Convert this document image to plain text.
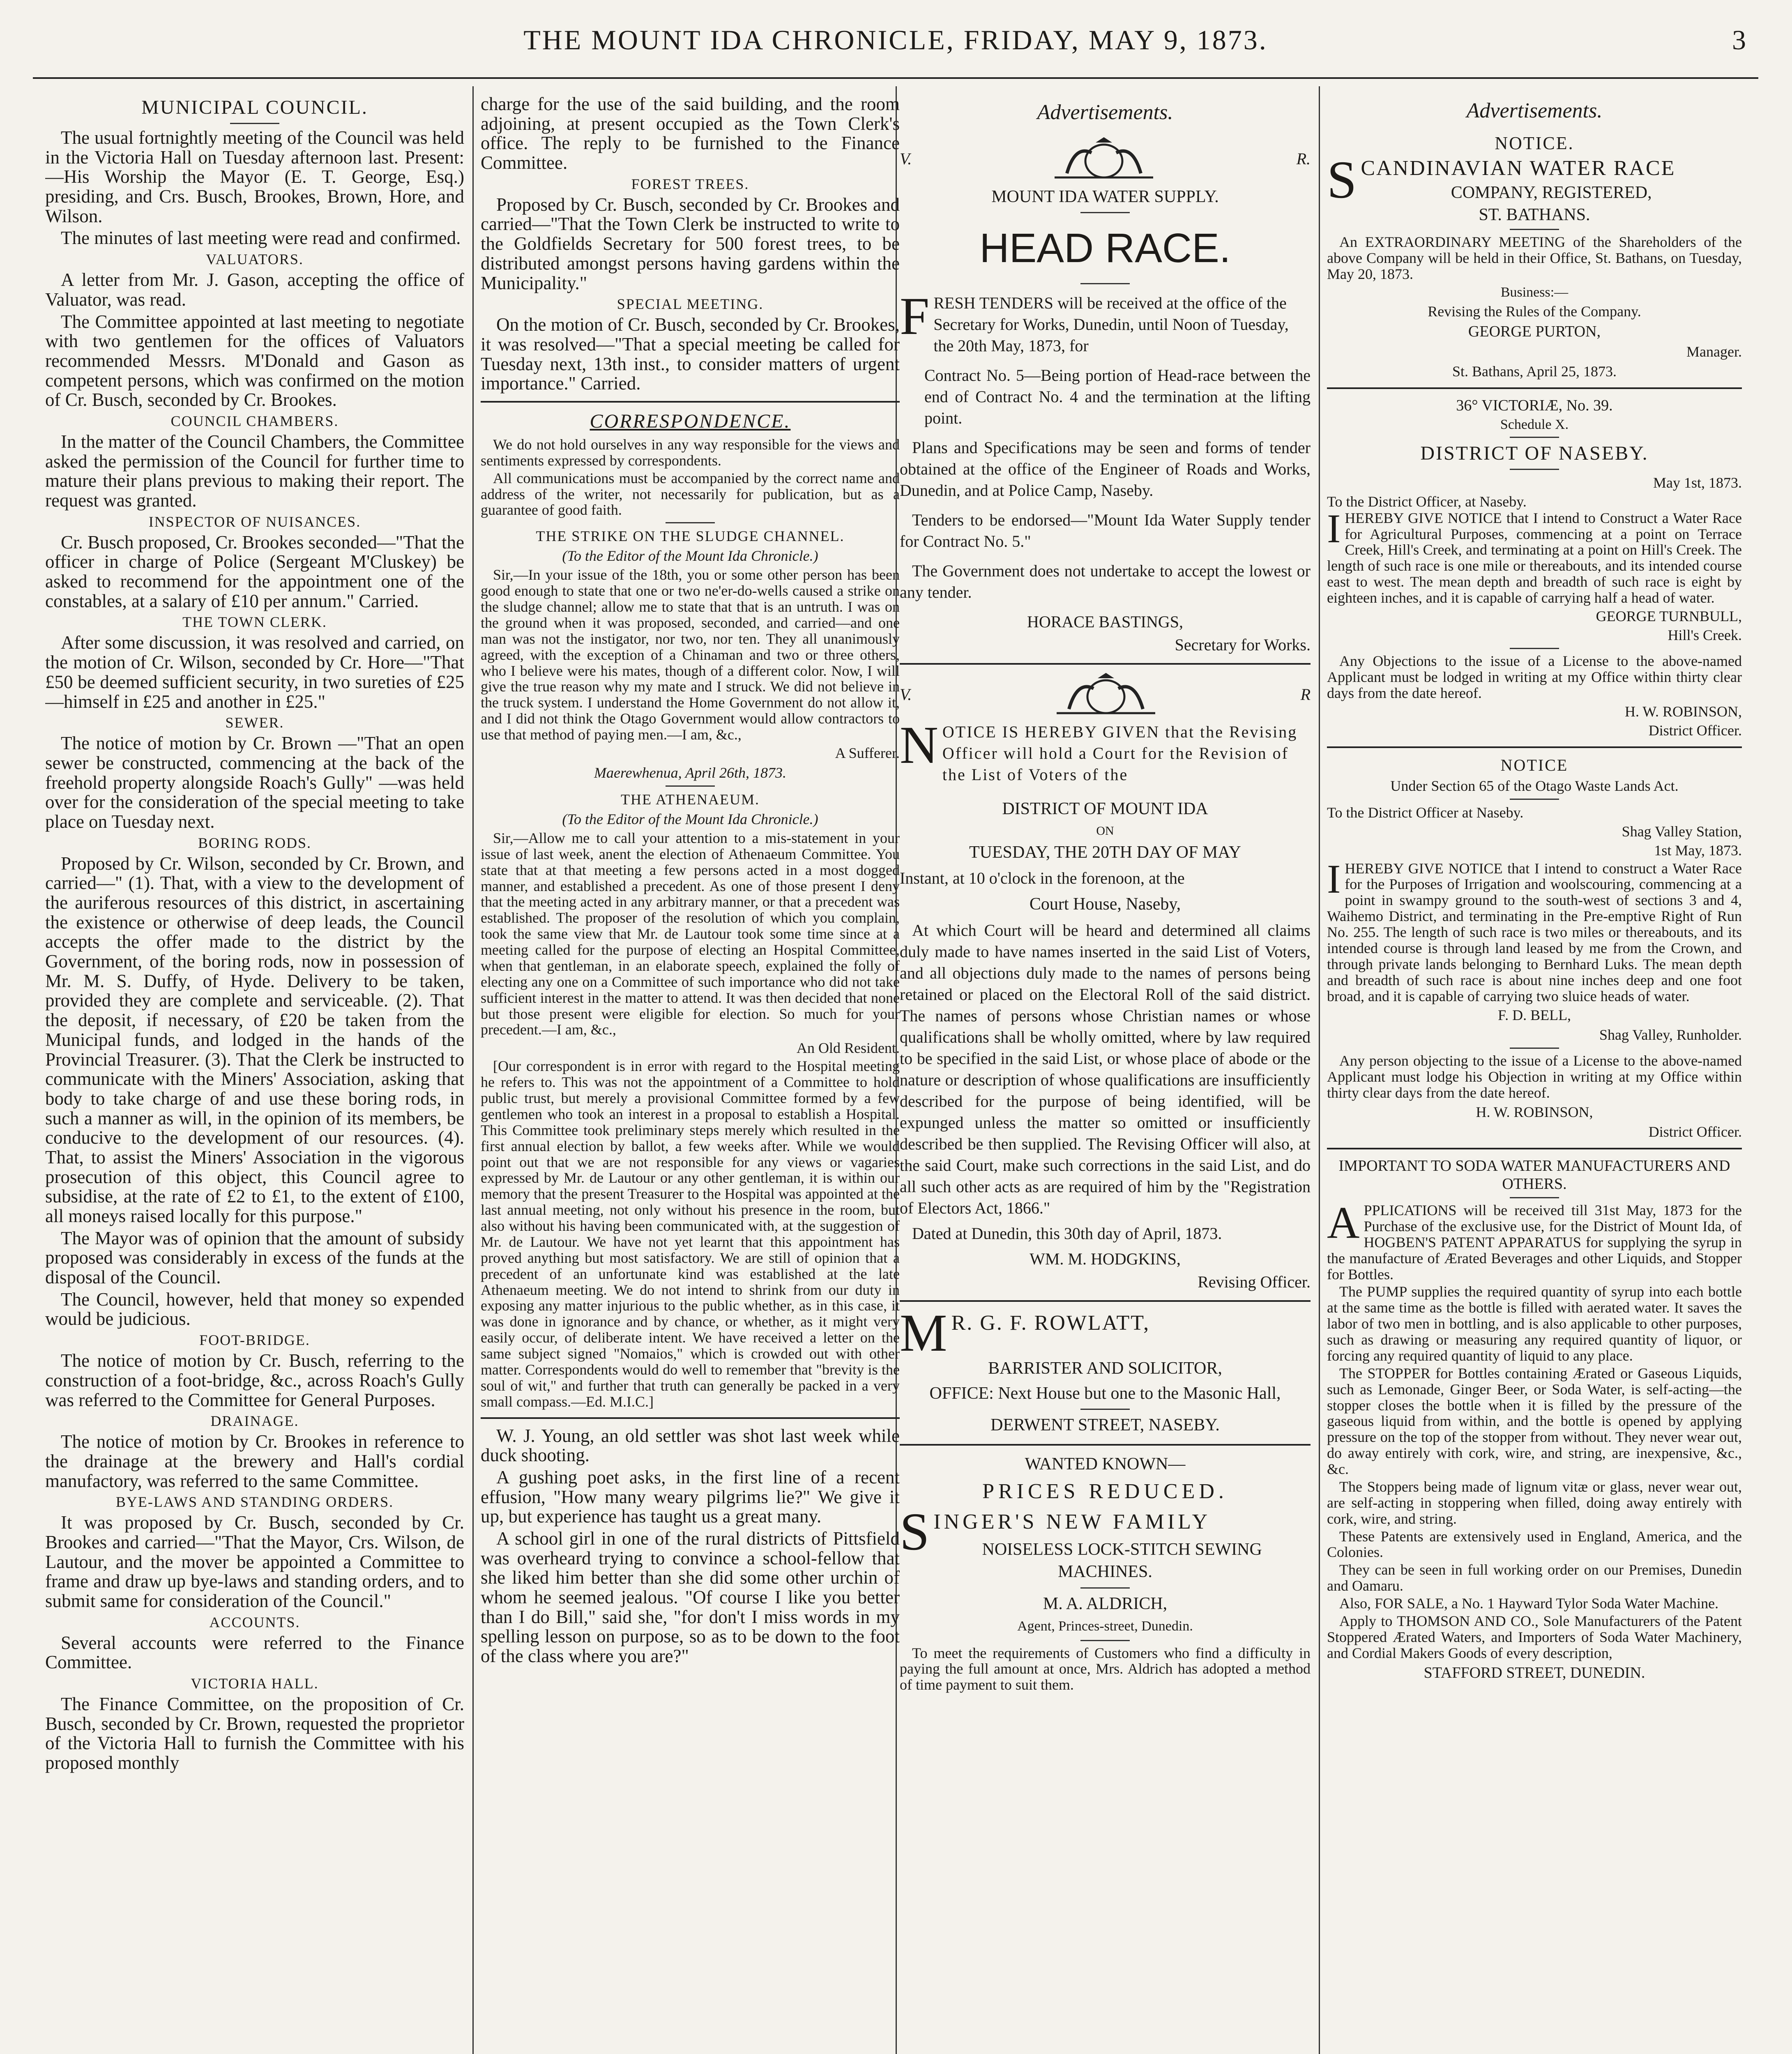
THE MOUNT IDA CHRONICLE, FRIDAY, MAY 9, 1873.	3
MUNICIPAL COUNCIL.

The usual fortnightly meeting of the Council was held in the Victoria Hall on Tuesday afternoon last. Present:—His Worship the Mayor (E. T. George, Esq.) presiding, and Crs. Busch, Brookes, Brown, Hore, and Wilson.

The minutes of last meeting were read and confirmed.

VALUATORS.

A letter from Mr. J. Gason, accepting the office of Valuator, was read.

The Committee appointed at last meeting to negotiate with two gentlemen for the offices of Valuators recommended Messrs. M'Donald and Gason as competent persons, which was confirmed on the motion of Cr. Busch, seconded by Cr. Brookes.

COUNCIL CHAMBERS.

In the matter of the Council Chambers, the Committee asked the permission of the Council for further time to mature their plans previous to making their report. The request was granted.

INSPECTOR OF NUISANCES.

Cr. Busch proposed, Cr. Brookes seconded—"That the officer in charge of Police (Sergeant M'Cluskey) be asked to recommend for the appointment one of the constables, at a salary of £10 per annum." Carried.

THE TOWN CLERK.

After some discussion, it was resolved and carried, on the motion of Cr. Wilson, seconded by Cr. Hore—"That £50 be deemed sufficient security, in two sureties of £25—himself in £25 and another in £25."

SEWER.

The notice of motion by Cr. Brown —"That an open sewer be constructed, commencing at the back of the freehold property alongside Roach's Gully" —was held over for the consideration of the special meeting to take place on Tuesday next.

BORING RODS.

Proposed by Cr. Wilson, seconded by Cr. Brown, and carried—" (1). That, with a view to the development of the auriferous resources of this district, in ascertaining the existence or otherwise of deep leads, the Council accepts the offer made to the district by the Government, of the boring rods, now in possession of Mr. M. S. Duffy, of Hyde. Delivery to be taken, provided they are complete and serviceable. (2). That the deposit, if necessary, of £20 be taken from the Municipal funds, and lodged in the hands of the Provincial Treasurer. (3). That the Clerk be instructed to communicate with the Miners' Association, asking that body to take charge of and use these boring rods, in such a manner as will, in the opinion of its members, be conducive to the development of our resources. (4). That, to assist the Miners' Association in the vigorous prosecution of this object, this Council agree to subsidise, at the rate of £2 to £1, to the extent of £100, all moneys raised locally for this purpose."

The Mayor was of opinion that the amount of subsidy proposed was considerably in excess of the funds at the disposal of the Council.

The Council, however, held that money so expended would be judicious.

FOOT-BRIDGE.

The notice of motion by Cr. Busch, referring to the construction of a foot-bridge, &c., across Roach's Gully was referred to the Committee for General Purposes.

DRAINAGE.

The notice of motion by Cr. Brookes in reference to the drainage at the brewery and Hall's cordial manufactory, was referred to the same Committee.

BYE-LAWS AND STANDING ORDERS.

It was proposed by Cr. Busch, seconded by Cr. Brookes and carried—"That the Mayor, Crs. Wilson, de Lautour, and the mover be appointed a Committee to frame and draw up bye-laws and standing orders, and to submit same for consideration of the Council."

ACCOUNTS.

Several accounts were referred to the Finance Committee.

VICTORIA HALL.

The Finance Committee, on the proposition of Cr. Busch, seconded by Cr. Brown, requested the proprietor of the Victoria Hall to furnish the Committee with his proposed monthly

charge for the use of the said building, and the room adjoining, at present occupied as the Town Clerk's office. The reply to be furnished to the Finance Committee.

FOREST TREES.

Proposed by Cr. Busch, seconded by Cr. Brookes and carried—"That the Town Clerk be instructed to write to the Goldfields Secretary for 500 forest trees, to be distributed amongst persons having gardens within the Municipality."

SPECIAL MEETING.

On the motion of Cr. Busch, seconded by Cr. Brookes, it was resolved—"That a special meeting be called for Tuesday next, 13th inst., to consider matters of urgent importance." Carried.

CORRESPONDENCE.

We do not hold ourselves in any way responsible for the views and sentiments expressed by correspondents.

All communications must be accompanied by the correct name and address of the writer, not necessarily for publication, but as a guarantee of good faith.

THE STRIKE ON THE SLUDGE CHANNEL.
(To the Editor of the Mount Ida Chronicle.)

Sir,—In your issue of the 18th, you or some other person has been good enough to state that one or two ne'er-do-wells caused a strike on the sludge channel; allow me to state that that is an untruth. I was on the ground when it was proposed, seconded, and carried—and one man was not the instigator, nor two, nor ten. They all unanimously agreed, with the exception of a Chinaman and two or three others, who I believe were his mates, though of a different color. Now, I will give the true reason why my mate and I struck. We did not believe in the truck system. I understand the Home Government do not allow it, and I did not think the Otago Government would allow contractors to use that method of paying men.—I am, &c.,

A Sufferer.
Maerewhenua, April 26th, 1873.
THE ATHENAEUM.
(To the Editor of the Mount Ida Chronicle.)

Sir,—Allow me to call your attention to a mis-statement in your issue of last week, anent the election of Athenaeum Committee. You state that at that meeting a few persons acted in a most dogged manner, and established a precedent. As one of those present I deny that the meeting acted in any arbitrary manner, or that a precedent was established. The proposer of the resolution of which you complain, took the same view that Mr. de Lautour took some time since at a meeting called for the purpose of electing an Hospital Committee, when that gentleman, in an elaborate speech, explained the folly of electing any one on a Committee of such importance who did not take sufficient interest in the matter to attend. It was then decided that none but those present were eligible for election. So much for your precedent.—I am, &c.,

An Old Resident.

[Our correspondent is in error with regard to the Hospital meeting he refers to. This was not the appointment of a Committee to hold public trust, but merely a provisional Committee formed by a few gentlemen who took an interest in a proposal to establish a Hospital. This Committee took preliminary steps merely which resulted in the first annual election by ballot, a few weeks after. While we would point out that we are not responsible for any views or vagaries expressed by Mr. de Lautour or any other gentleman, it is within our memory that the present Treasurer to the Hospital was appointed at the last annual meeting, not only without his presence in the room, but also without his having been communicated with, at the suggestion of Mr. de Lautour. We have not yet learnt that this appointment has proved anything but most satisfactory. We are still of opinion that a precedent of an unfortunate kind was established at the late Athenaeum meeting. We do not intend to shrink from our duty in exposing any matter injurious to the public whether, as in this case, it was done in ignorance and by chance, or whether, as it might very easily occur, of deliberate intent. We have received a letter on the same subject signed "Nomaios," which is crowded out with other matter. Correspondents would do well to remember that "brevity is the soul of wit," and further that truth can generally be packed in a very small compass.—Ed. M.I.C.]

W. J. Young, an old settler was shot last week while duck shooting.

A gushing poet asks, in the first line of a recent effusion, "How many weary pilgrims lie?" We give it up, but experience has taught us a great many.

A school girl in one of the rural districts of Pittsfield was overheard trying to convince a school-fellow that she liked him better than she did some other urchin of whom he seemed jealous. "Of course I like you better than I do Bill," said she, "for don't I miss words in my spelling lesson on purpose, so as to be down to the foot of the class where you are?"

Advertisements.
V.	R.
MOUNT IDA WATER SUPPLY.
HEAD RACE.
F RESH TENDERS will be received at the office of the Secretary for Works, Dunedin, until Noon of Tuesday, the 20th May, 1873, for

Contract No. 5—Being portion of Head-race between the end of Contract No. 4 and the termination at the lifting point.

Plans and Specifications may be seen and forms of tender obtained at the office of the Engineer of Roads and Works, Dunedin, and at Police Camp, Naseby.

Tenders to be endorsed—"Mount Ida Water Supply tender for Contract No. 5."

The Government does not undertake to accept the lowest or any tender.

HORACE BASTINGS,
Secretary for Works.
V.	R
N OTICE IS HEREBY GIVEN that the Revising Officer will hold a Court for the Revision of the List of Voters of the
DISTRICT OF MOUNT IDA
ON
TUESDAY, THE 20TH DAY OF MAY

Instant, at 10 o'clock in the forenoon, at the

Court House, Naseby,

At which Court will be heard and determined all claims duly made to have names inserted in the said List of Voters, and all objections duly made to the names of persons being retained or placed on the Electoral Roll of the said district. The names of persons whose Christian names or whose qualifications shall be wholly omitted, where by law required to be specified in the said List, or whose place of abode or the nature or description of whose qualifications are insufficiently described for the purpose of being identified, will be expunged unless the matter so omitted or insufficiently described be then supplied. The Revising Officer will also, at the said Court, make such corrections in the said List, and do all such other acts as are required of him by the "Registration of Electors Act, 1866."

Dated at Dunedin, this 30th day of April, 1873.

WM. M. HODGKINS,
Revising Officer.
M R. G. F. ROWLATT,
BARRISTER AND SOLICITOR,
OFFICE: Next House but one to the Masonic Hall,
DERWENT STREET, NASEBY.
WANTED KNOWN—
PRICES REDUCED.
S INGER'S NEW FAMILY
NOISELESS LOCK-STITCH SEWING MACHINES.
M. A. ALDRICH,
Agent, Princes-street, Dunedin.

To meet the requirements of Customers who find a difficulty in paying the full amount at once, Mrs. Aldrich has adopted a method of time payment to suit them.

Advertisements.
NOTICE.
S CANDINAVIAN WATER RACE
COMPANY, REGISTERED,
ST. BATHANS.

An EXTRAORDINARY MEETING of the Shareholders of the above Company will be held in their Office, St. Bathans, on Tuesday, May 20, 1873.

Business:—
Revising the Rules of the Company.
GEORGE PURTON,
Manager.
St. Bathans, April 25, 1873.
36° VICTORIÆ, No. 39.
Schedule X.
DISTRICT OF NASEBY.
May 1st, 1873.
To the District Officer, at Naseby.
I HEREBY GIVE NOTICE that I intend to Construct a Water Race for Agricultural Purposes, commencing at a point on Terrace Creek, Hill's Creek, and terminating at a point on Hill's Creek. The length of such race is one mile or thereabouts, and its intended course east to west. The mean depth and breadth of such race is eight by eighteen inches, and it is capable of carrying half a head of water.
GEORGE TURNBULL,
Hill's Creek.

Any Objections to the issue of a License to the above-named Applicant must be lodged in writing at my Office within thirty clear days from the date hereof.

H. W. ROBINSON,
District Officer.
NOTICE
Under Section 65 of the Otago Waste Lands Act.
To the District Officer at Naseby.
Shag Valley Station,
1st May, 1873.
I HEREBY GIVE NOTICE that I intend to construct a Water Race for the Purposes of Irrigation and woolscouring, commencing at a point in swampy ground to the south-west of sections 3 and 4, Waihemo District, and terminating in the Pre-emptive Right of Run No. 255. The length of such race is two miles or thereabouts, and its intended course is through land leased by me from the Crown, and through private lands belonging to Bernhard Luks. The mean depth and breadth of such race is about nine inches deep and one foot broad, and it is capable of carrying two sluice heads of water.
F. D. BELL,
Shag Valley, Runholder.

Any person objecting to the issue of a License to the above-named Applicant must lodge his Objection in writing at my Office within thirty clear days from the date hereof.

H. W. ROBINSON,
District Officer.
IMPORTANT TO SODA WATER MANUFACTURERS AND OTHERS.
A PPLICATIONS will be received till 31st May, 1873 for the Purchase of the exclusive use, for the District of Mount Ida, of HOGBEN'S PATENT APPARATUS for supplying the syrup in the manufacture of Ærated Beverages and other Liquids, and Stopper for Bottles.

The PUMP supplies the required quantity of syrup into each bottle at the same time as the bottle is filled with aerated water. It saves the labor of two men in bottling, and is also applicable to other purposes, such as drawing or measuring any required quantity of liquor, or forcing any required quantity of liquid to any place.

The STOPPER for Bottles containing Ærated or Gaseous Liquids, such as Lemonade, Ginger Beer, or Soda Water, is self-acting—the stopper closes the bottle when it is filled by the pressure of the gaseous liquid from within, and the bottle is opened by applying pressure on the top of the stopper from without. They never wear out, do away entirely with cork, wire, and string, are inexpensive, &c., &c.

The Stoppers being made of lignum vitæ or glass, never wear out, are self-acting in stoppering when filled, doing away entirely with cork, wire, and string.

These Patents are extensively used in England, America, and the Colonies.

They can be seen in full working order on our Premises, Dunedin and Oamaru.

Also, FOR SALE, a No. 1 Hayward Tylor Soda Water Machine.

Apply to THOMSON AND CO., Sole Manufacturers of the Patent Stoppered Ærated Waters, and Importers of Soda Water Machinery, and Cordial Makers Goods of every description,

STAFFORD STREET, DUNEDIN.
